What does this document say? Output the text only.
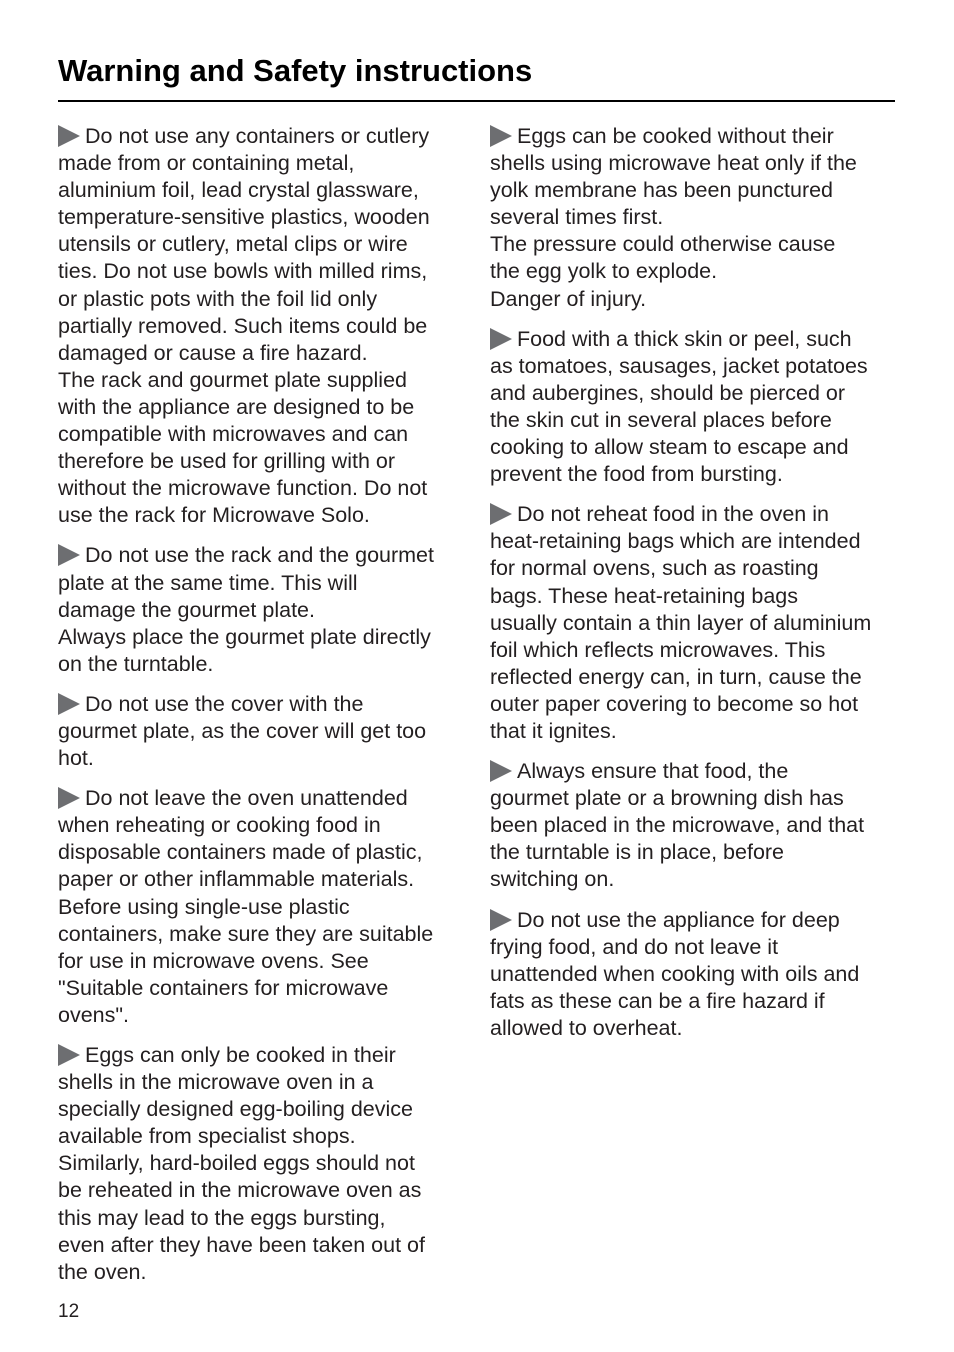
Warning and Safety instructions
Do not use any containers or cutlery
made from or containing metal,
aluminium foil, lead crystal glassware,
temperature-sensitive plastics, wooden
utensils or cutlery, metal clips or wire
ties. Do not use bowls with milled rims,
or plastic pots with the foil lid only
partially removed. Such items could be
damaged or cause a fire hazard.
The rack and gourmet plate supplied
with the appliance are designed to be
compatible with microwaves and can
therefore be used for grilling with or
without the microwave function. Do not
use the rack for Microwave Solo.
Do not use the rack and the gourmet
plate at the same time. This will
damage the gourmet plate.
Always place the gourmet plate directly
on the turntable.
Do not use the cover with the
gourmet plate, as the cover will get too
hot.
Do not leave the oven unattended
when reheating or cooking food in
disposable containers made of plastic,
paper or other inflammable materials.
Before using single-use plastic
containers, make sure they are suitable
for use in microwave ovens. See
"Suitable containers for microwave
ovens".
Eggs can only be cooked in their
shells in the microwave oven in a
specially designed egg-boiling device
available from specialist shops.
Similarly, hard-boiled eggs should not
be reheated in the microwave oven as
this may lead to the eggs bursting,
even after they have been taken out of
the oven.
Eggs can be cooked without their
shells using microwave heat only if the
yolk membrane has been punctured
several times first.
The pressure could otherwise cause
the egg yolk to explode.
Danger of injury.
Food with a thick skin or peel, such
as tomatoes, sausages, jacket potatoes
and aubergines, should be pierced or
the skin cut in several places before
cooking to allow steam to escape and
prevent the food from bursting.
Do not reheat food in the oven in
heat-retaining bags which are intended
for normal ovens, such as roasting
bags. These heat-retaining bags
usually contain a thin layer of aluminium
foil which reflects microwaves. This
reflected energy can, in turn, cause the
outer paper covering to become so hot
that it ignites.
Always ensure that food, the
gourmet plate or a browning dish has
been placed in the microwave, and that
the turntable is in place, before
switching on.
Do not use the appliance for deep
frying food, and do not leave it
unattended when cooking with oils and
fats as these can be a fire hazard if
allowed to overheat.
12
